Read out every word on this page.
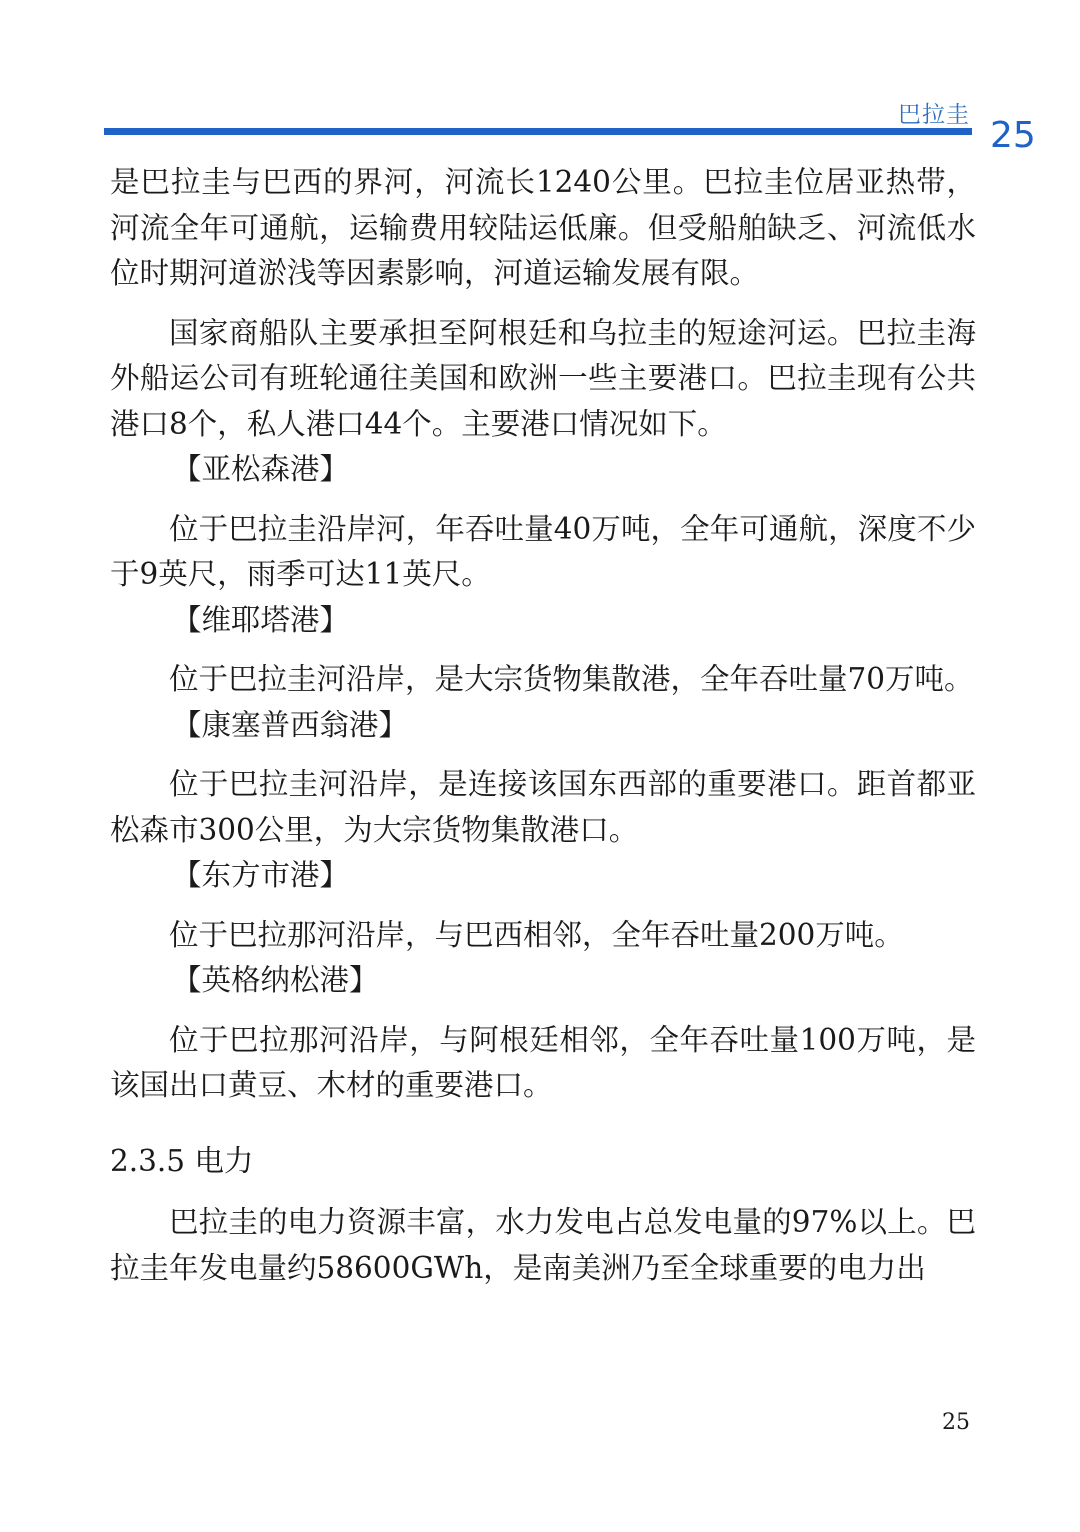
巴拉圭 25

是巴拉圭与巴西的界河，河流长1240公里。巴拉圭位居亚热带，河流全年可通航，运输费用较陆运低廉。但受船舶缺乏、河流低水位时期河道淤浅等因素影响，河道运输发展有限。

国家商船队主要承担至阿根廷和乌拉圭的短途河运。巴拉圭海外船运公司有班轮通往美国和欧洲一些主要港口。巴拉圭现有公共港口8个，私人港口44个。主要港口情况如下。

【亚松森港】

位于巴拉圭沿岸河，年吞吐量40万吨，全年可通航，深度不少于9英尺，雨季可达11英尺。

【维耶塔港】

位于巴拉圭河沿岸，是大宗货物集散港，全年吞吐量70万吨。

【康塞普西翁港】

位于巴拉圭河沿岸，是连接该国东西部的重要港口。距首都亚松森市300公里，为大宗货物集散港口。

【东方市港】

位于巴拉那河沿岸，与巴西相邻，全年吞吐量200万吨。

【英格纳松港】

位于巴拉那河沿岸，与阿根廷相邻，全年吞吐量100万吨，是该国出口黄豆、木材的重要港口。

2.3.5 电力

巴拉圭的电力资源丰富，水力发电占总发电量的97%以上。巴拉圭年发电量约58600GWh，是南美洲乃至全球重要的电力出

25
